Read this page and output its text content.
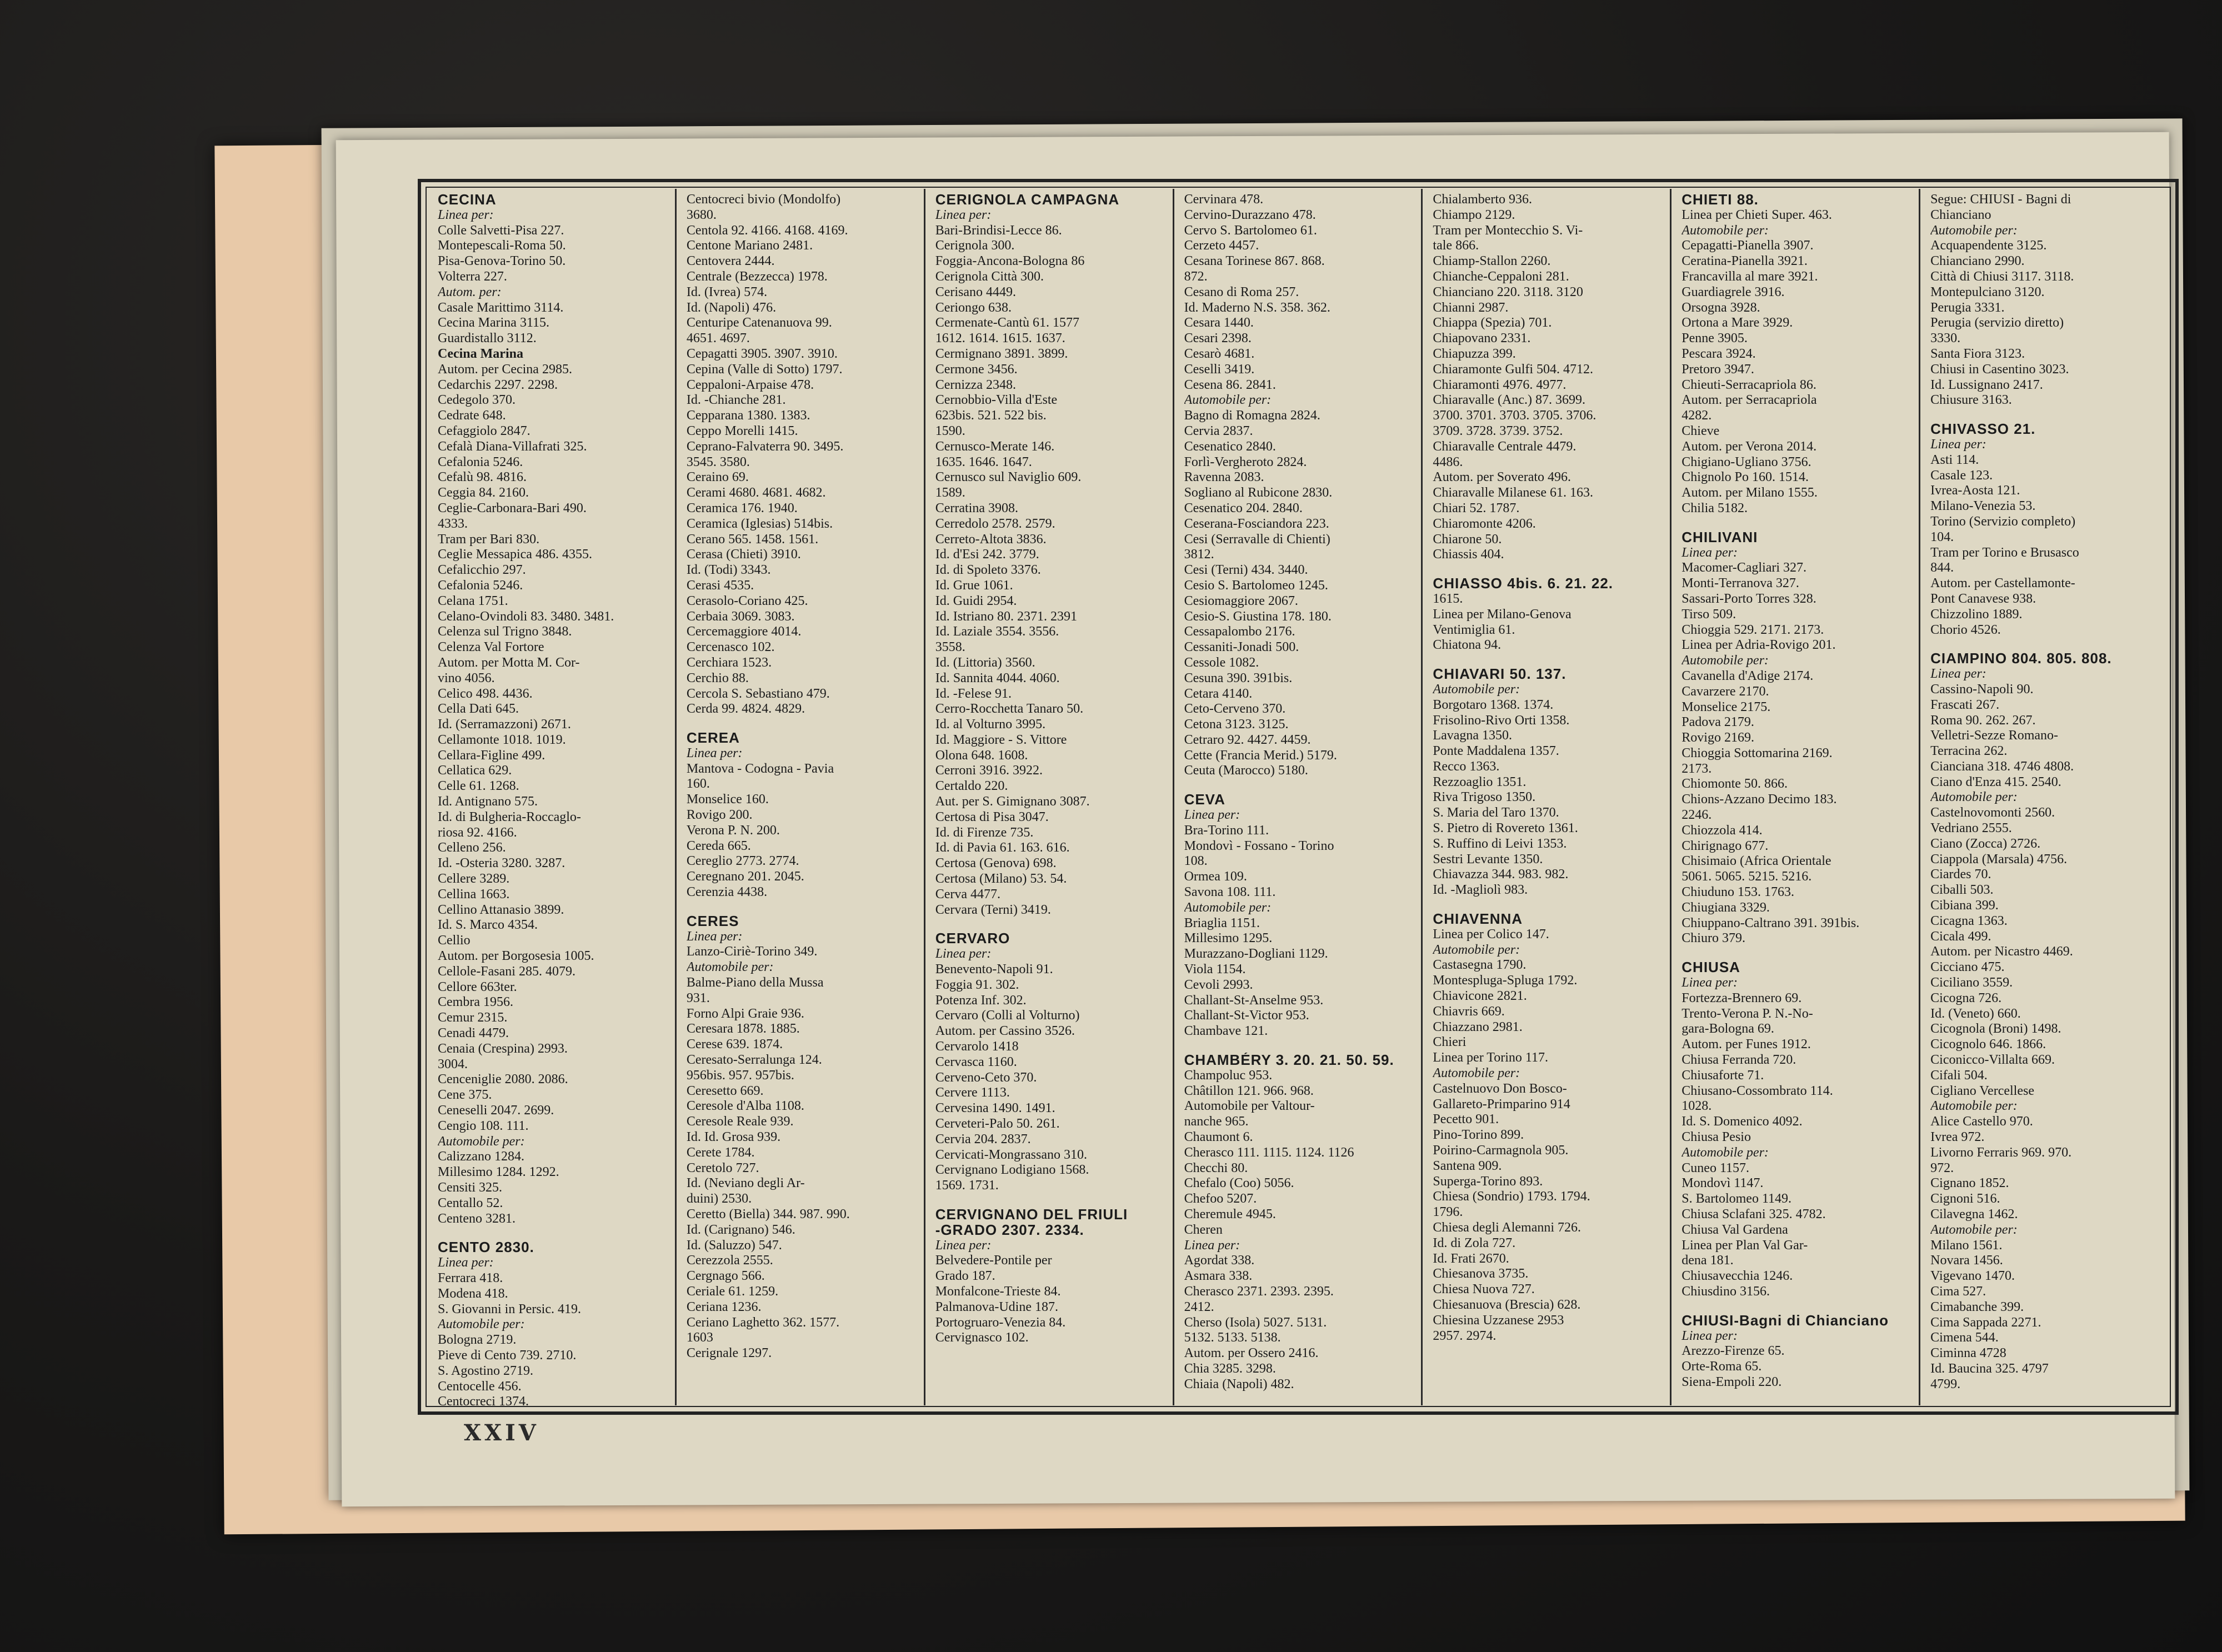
CECINA
Linea per:
Colle Salvetti-Pisa 227.
Montepescali-Roma 50.
Pisa-Genova-Torino 50.
Volterra 227.
Autom. per:
Casale Marittimo 3114.
Cecina Marina 3115.
Guardistallo 3112.
Cecina Marina
Autom. per Cecina 2985.
Cedarchis 2297. 2298.
Cedegolo 370.
Cedrate 648.
Cefaggiolo 2847.
Cefalà Diana-Villafrati 325.
Cefalonia 5246.
Cefalù 98. 4816.
Ceggia 84. 2160.
Ceglie-Carbonara-Bari 490.
4333.
Tram per Bari 830.
Ceglie Messapica 486. 4355.
Cefalicchio 297.
Cefalonia 5246.
Celana 1751.
Celano-Ovindoli 83. 3480. 3481.
Celenza sul Trigno 3848.
Celenza Val Fortore
Autom. per Motta M. Cor-
vino 4056.
Celico 498. 4436.
Cella Dati 645.
Id. (Serramazzoni) 2671.
Cellamonte 1018. 1019.
Cellara-Figline 499.
Cellatica 629.
Celle 61. 1268.
Id. Antignano 575.
Id. di Bulgheria-Roccaglo-
riosa 92. 4166.
Celleno 256.
Id. -Osteria 3280. 3287.
Cellere 3289.
Cellina 1663.
Cellino Attanasio 3899.
Id. S. Marco 4354.
Cellio
Autom. per Borgosesia 1005.
Cellole-Fasani 285. 4079.
Cellore 663ter.
Cembra 1956.
Cemur 2315.
Cenadi 4479.
Cenaia (Crespina) 2993.
3004.
Cenceniglie 2080. 2086.
Cene 375.
Ceneselli 2047. 2699.
Cengio 108. 111.
Automobile per:
Calizzano 1284.
Millesimo 1284. 1292.
Censiti 325.
Centallo 52.
Centeno 3281.
CENTO 2830.
Linea per:
Ferrara 418.
Modena 418.
S. Giovanni in Persic. 419.
Automobile per:
Bologna 2719.
Pieve di Cento 739. 2710.
S. Agostino 2719.
Centocelle 456.
Centocreci 1374.
Centocreci bivio (Mondolfo)
3680.
Centola 92. 4166. 4168. 4169.
Centone Mariano 2481.
Centovera 2444.
Centrale (Bezzecca) 1978.
Id. (Ivrea) 574.
Id. (Napoli) 476.
Centuripe Catenanuova 99.
4651. 4697.
Cepagatti 3905. 3907. 3910.
Cepina (Valle di Sotto) 1797.
Ceppaloni-Arpaise 478.
Id. -Chianche 281.
Cepparana 1380. 1383.
Ceppo Morelli 1415.
Ceprano-Falvaterra 90. 3495.
3545. 3580.
Ceraino 69.
Cerami 4680. 4681. 4682.
Ceramica 176. 1940.
Ceramica (Iglesias) 514bis.
Cerano 565. 1458. 1561.
Cerasa (Chieti) 3910.
Id. (Todi) 3343.
Cerasi 4535.
Cerasolo-Coriano 425.
Cerbaia 3069. 3083.
Cercemaggiore 4014.
Cercenasco 102.
Cerchiara 1523.
Cerchio 88.
Cercola S. Sebastiano 479.
Cerda 99. 4824. 4829.
CEREA
Linea per:
Mantova - Codogna - Pavia
160.
Monselice 160.
Rovigo 200.
Verona P. N. 200.
Cereda 665.
Cereglio 2773. 2774.
Ceregnano 201. 2045.
Cerenzia 4438.
CERES
Linea per:
Lanzo-Ciriè-Torino 349.
Automobile per:
Balme-Piano della Mussa
931.
Forno Alpi Graie 936.
Ceresara 1878. 1885.
Cerese 639. 1874.
Ceresato-Serralunga 124.
956bis. 957. 957bis.
Ceresetto 669.
Ceresole d'Alba 1108.
Ceresole Reale 939.
Id. Id. Grosa 939.
Cerete 1784.
Ceretolo 727.
Id. (Neviano degli Ar-
duini) 2530.
Ceretto (Biella) 344. 987. 990.
Id. (Carignano) 546.
Id. (Saluzzo) 547.
Cerezzola 2555.
Cergnago 566.
Ceriale 61. 1259.
Ceriana 1236.
Ceriano Laghetto 362. 1577.
1603
Cerignale 1297.
CERIGNOLA CAMPAGNA
Linea per:
Bari-Brindisi-Lecce 86.
Cerignola 300.
Foggia-Ancona-Bologna 86
Cerignola Città 300.
Cerisano 4449.
Ceriongo 638.
Cermenate-Cantù 61. 1577
1612. 1614. 1615. 1637.
Cermignano 3891. 3899.
Cermone 3456.
Cernizza 2348.
Cernobbio-Villa d'Este
623bis. 521. 522 bis.
1590.
Cernusco-Merate 146.
1635. 1646. 1647.
Cernusco sul Naviglio 609.
1589.
Cerratina 3908.
Cerredolo 2578. 2579.
Cerreto-Altota 3836.
Id. d'Esi 242. 3779.
Id. di Spoleto 3376.
Id. Grue 1061.
Id. Guidi 2954.
Id. Istriano 80. 2371. 2391
Id. Laziale 3554. 3556.
3558.
Id. (Littoria) 3560.
Id. Sannita 4044. 4060.
Id. -Felese 91.
Cerro-Rocchetta Tanaro 50.
Id. al Volturno 3995.
Id. Maggiore - S. Vittore
Olona 648. 1608.
Cerroni 3916. 3922.
Certaldo 220.
Aut. per S. Gimignano 3087.
Certosa di Pisa 3047.
Id. di Firenze 735.
Id. di Pavia 61. 163. 616.
Certosa (Genova) 698.
Certosa (Milano) 53. 54.
Cerva 4477.
Cervara (Terni) 3419.
CERVARO
Linea per:
Benevento-Napoli 91.
Foggia 91. 302.
Potenza Inf. 302.
Cervaro (Colli al Volturno)
Autom. per Cassino 3526.
Cervarolo 1418
Cervasca 1160.
Cerveno-Ceto 370.
Cervere 1113.
Cervesina 1490. 1491.
Cerveteri-Palo 50. 261.
Cervia 204. 2837.
Cervicati-Mongrassano 310.
Cervignano Lodigiano 1568.
1569. 1731.
CERVIGNANO DEL FRIULI
-GRADO 2307. 2334.
Linea per:
Belvedere-Pontile per
Grado 187.
Monfalcone-Trieste 84.
Palmanova-Udine 187.
Portogruaro-Venezia 84.
Cervignasco 102.
Cervinara 478.
Cervino-Durazzano 478.
Cervo S. Bartolomeo 61.
Cerzeto 4457.
Cesana Torinese 867. 868.
872.
Cesano di Roma 257.
Id. Maderno N.S. 358. 362.
Cesara 1440.
Cesari 2398.
Cesarò 4681.
Ceselli 3419.
Cesena 86. 2841.
Automobile per:
Bagno di Romagna 2824.
Cervia 2837.
Cesenatico 2840.
Forlì-Vergheroto 2824.
Ravenna 2083.
Sogliano al Rubicone 2830.
Cesenatico 204. 2840.
Ceserana-Fosciandora 223.
Cesi (Serravalle di Chienti)
3812.
Cesi (Terni) 434. 3440.
Cesio S. Bartolomeo 1245.
Cesiomaggiore 2067.
Cesio-S. Giustina 178. 180.
Cessapalombo 2176.
Cessaniti-Jonadi 500.
Cessole 1082.
Cesuna 390. 391bis.
Cetara 4140.
Ceto-Cerveno 370.
Cetona 3123. 3125.
Cetraro 92. 4427. 4459.
Cette (Francia Merid.) 5179.
Ceuta (Marocco) 5180.
CEVA
Linea per:
Bra-Torino 111.
Mondovì - Fossano - Torino
108.
Ormea 109.
Savona 108. 111.
Automobile per:
Briaglia 1151.
Millesimo 1295.
Murazzano-Dogliani 1129.
Viola 1154.
Cevoli 2993.
Challant-St-Anselme 953.
Challant-St-Victor 953.
Chambave 121.
CHAMBÉRY 3. 20. 21. 50. 59.
Champoluc 953.
Châtillon 121. 966. 968.
Automobile per Valtour-
nanche 965.
Chaumont 6.
Cherasco 111. 1115. 1124. 1126
Checchi 80.
Chefalo (Coo) 5056.
Chefoo 5207.
Cheremule 4945.
Cheren
Linea per:
Agordat 338.
Asmara 338.
Cherasco 2371. 2393. 2395.
2412.
Cherso (Isola) 5027. 5131.
5132. 5133. 5138.
Autom. per Ossero 2416.
Chia 3285. 3298.
Chiaia (Napoli) 482.
Chialamberto 936.
Chiampo 2129.
Tram per Montecchio S. Vi-
tale 866.
Chiamp-Stallon 2260.
Chianche-Ceppaloni 281.
Chianciano 220. 3118. 3120
Chianni 2987.
Chiappa (Spezia) 701.
Chiapovano 2331.
Chiapuzza 399.
Chiaramonte Gulfi 504. 4712.
Chiaramonti 4976. 4977.
Chiaravalle (Anc.) 87. 3699.
3700. 3701. 3703. 3705. 3706.
3709. 3728. 3739. 3752.
Chiaravalle Centrale 4479.
4486.
Autom. per Soverato 496.
Chiaravalle Milanese 61. 163.
Chiari 52. 1787.
Chiaromonte 4206.
Chiarone 50.
Chiassis 404.
CHIASSO 4bis. 6. 21. 22.
1615.
Linea per Milano-Genova
Ventimiglia 61.
Chiatona 94.
CHIAVARI 50. 137.
Automobile per:
Borgotaro 1368. 1374.
Frisolino-Rivo Orti 1358.
Lavagna 1350.
Ponte Maddalena 1357.
Recco 1363.
Rezzoaglio 1351.
Riva Trigoso 1350.
S. Maria del Taro 1370.
S. Pietro di Rovereto 1361.
S. Ruffino di Leivi 1353.
Sestri Levante 1350.
Chiavazza 344. 983. 982.
Id. -Magliolì 983.
CHIAVENNA
Linea per Colico 147.
Automobile per:
Castasegna 1790.
Montespluga-Spluga 1792.
Chiavicone 2821.
Chiavris 669.
Chiazzano 2981.
Chieri
Linea per Torino 117.
Automobile per:
Castelnuovo Don Bosco-
Gallareto-Primparino 914
Pecetto 901.
Pino-Torino 899.
Poirino-Carmagnola 905.
Santena 909.
Superga-Torino 893.
Chiesa (Sondrio) 1793. 1794.
1796.
Chiesa degli Alemanni 726.
Id. di Zola 727.
Id. Frati 2670.
Chiesanova 3735.
Chiesa Nuova 727.
Chiesanuova (Brescia) 628.
Chiesina Uzzanese 2953
2957. 2974.
CHIETI 88.
Linea per Chieti Super. 463.
Automobile per:
Cepagatti-Pianella 3907.
Ceratina-Pianella 3921.
Francavilla al mare 3921.
Guardiagrele 3916.
Orsogna 3928.
Ortona a Mare 3929.
Penne 3905.
Pescara 3924.
Pretoro 3947.
Chieuti-Serracapriola 86.
Autom. per Serracapriola
4282.
Chieve
Autom. per Verona 2014.
Chigiano-Ugliano 3756.
Chignolo Po 160. 1514.
Autom. per Milano 1555.
Chilia 5182.
CHILIVANI
Linea per:
Macomer-Cagliari 327.
Monti-Terranova 327.
Sassari-Porto Torres 328.
Tirso 509.
Chioggia 529. 2171. 2173.
Linea per Adria-Rovigo 201.
Automobile per:
Cavanella d'Adige 2174.
Cavarzere 2170.
Monselice 2175.
Padova 2179.
Rovigo 2169.
Chioggia Sottomarina 2169.
2173.
Chiomonte 50. 866.
Chions-Azzano Decimo 183.
2246.
Chiozzola 414.
Chirignago 677.
Chisimaio (Africa Orientale
5061. 5065. 5215. 5216.
Chiuduno 153. 1763.
Chiugiana 3329.
Chiuppano-Caltrano 391. 391bis.
Chiuro 379.
CHIUSA
Linea per:
Fortezza-Brennero 69.
Trento-Verona P. N.-No-
gara-Bologna 69.
Autom. per Funes 1912.
Chiusa Ferranda 720.
Chiusaforte 71.
Chiusano-Cossombrato 114.
1028.
Id. S. Domenico 4092.
Chiusa Pesio
Automobile per:
Cuneo 1157.
Mondovì 1147.
S. Bartolomeo 1149.
Chiusa Sclafani 325. 4782.
Chiusa Val Gardena
Linea per Plan Val Gar-
dena 181.
Chiusavecchia 1246.
Chiusdino 3156.
CHIUSI-Bagni di Chianciano
Linea per:
Arezzo-Firenze 65.
Orte-Roma 65.
Siena-Empoli 220.
Segue: CHIUSI - Bagni di
Chianciano
Automobile per:
Acquapendente 3125.
Chianciano 2990.
Città di Chiusi 3117. 3118.
Montepulciano 3120.
Perugia 3331.
Perugia (servizio diretto)
3330.
Santa Fiora 3123.
Chiusi in Casentino 3023.
Id. Lussignano 2417.
Chiusure 3163.
CHIVASSO 21.
Linea per:
Asti 114.
Casale 123.
Ivrea-Aosta 121.
Milano-Venezia 53.
Torino (Servizio completo)
104.
Tram per Torino e Brusasco
844.
Autom. per Castellamonte-
Pont Canavese 938.
Chizzolino 1889.
Chorio 4526.
CIAMPINO 804. 805. 808.
Linea per:
Cassino-Napoli 90.
Frascati 267.
Roma 90. 262. 267.
Velletri-Sezze Romano-
Terracina 262.
Cianciana 318. 4746 4808.
Ciano d'Enza 415. 2540.
Automobile per:
Castelnovomonti 2560.
Vedriano 2555.
Ciano (Zocca) 2726.
Ciappola (Marsala) 4756.
Ciardes 70.
Ciballi 503.
Cibiana 399.
Cicagna 1363.
Cicala 499.
Autom. per Nicastro 4469.
Cicciano 475.
Ciciliano 3559.
Cicogna 726.
Id. (Veneto) 660.
Cicognola (Broni) 1498.
Cicognolo 646. 1866.
Ciconicco-Villalta 669.
Cifali 504.
Cigliano Vercellese
Automobile per:
Alice Castello 970.
Ivrea 972.
Livorno Ferraris 969. 970.
972.
Cignano 1852.
Cignoni 516.
Cilavegna 1462.
Automobile per:
Milano 1561.
Novara 1456.
Vigevano 1470.
Cima 527.
Cimabanche 399.
Cima Sappada 2271.
Cimena 544.
Ciminna 4728
Id. Baucina 325. 4797
4799.
XXIV
